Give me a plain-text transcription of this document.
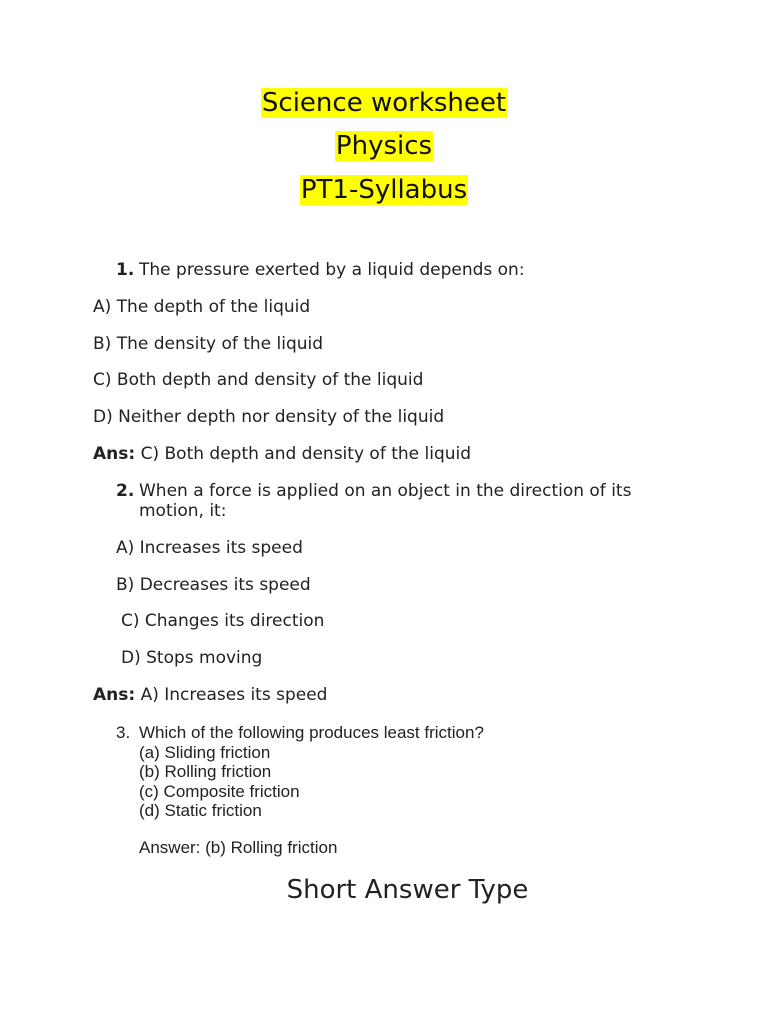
Science worksheet
Physics
PT1-Syllabus
1. The pressure exerted by a liquid depends on:
A) The depth of the liquid
B) The density of the liquid
C) Both depth and density of the liquid
D) Neither depth nor density of the liquid
Ans: C) Both depth and density of the liquid
2. When a force is applied on an object in the direction of its motion, it:
A) Increases its speed
B) Decreases its speed
C) Changes its direction
D) Stops moving
Ans: A) Increases its speed
3. Which of the following produces least friction?
(a) Sliding friction
(b) Rolling friction
(c) Composite friction
(d) Static friction
Answer: (b) Rolling friction
Short Answer Type
